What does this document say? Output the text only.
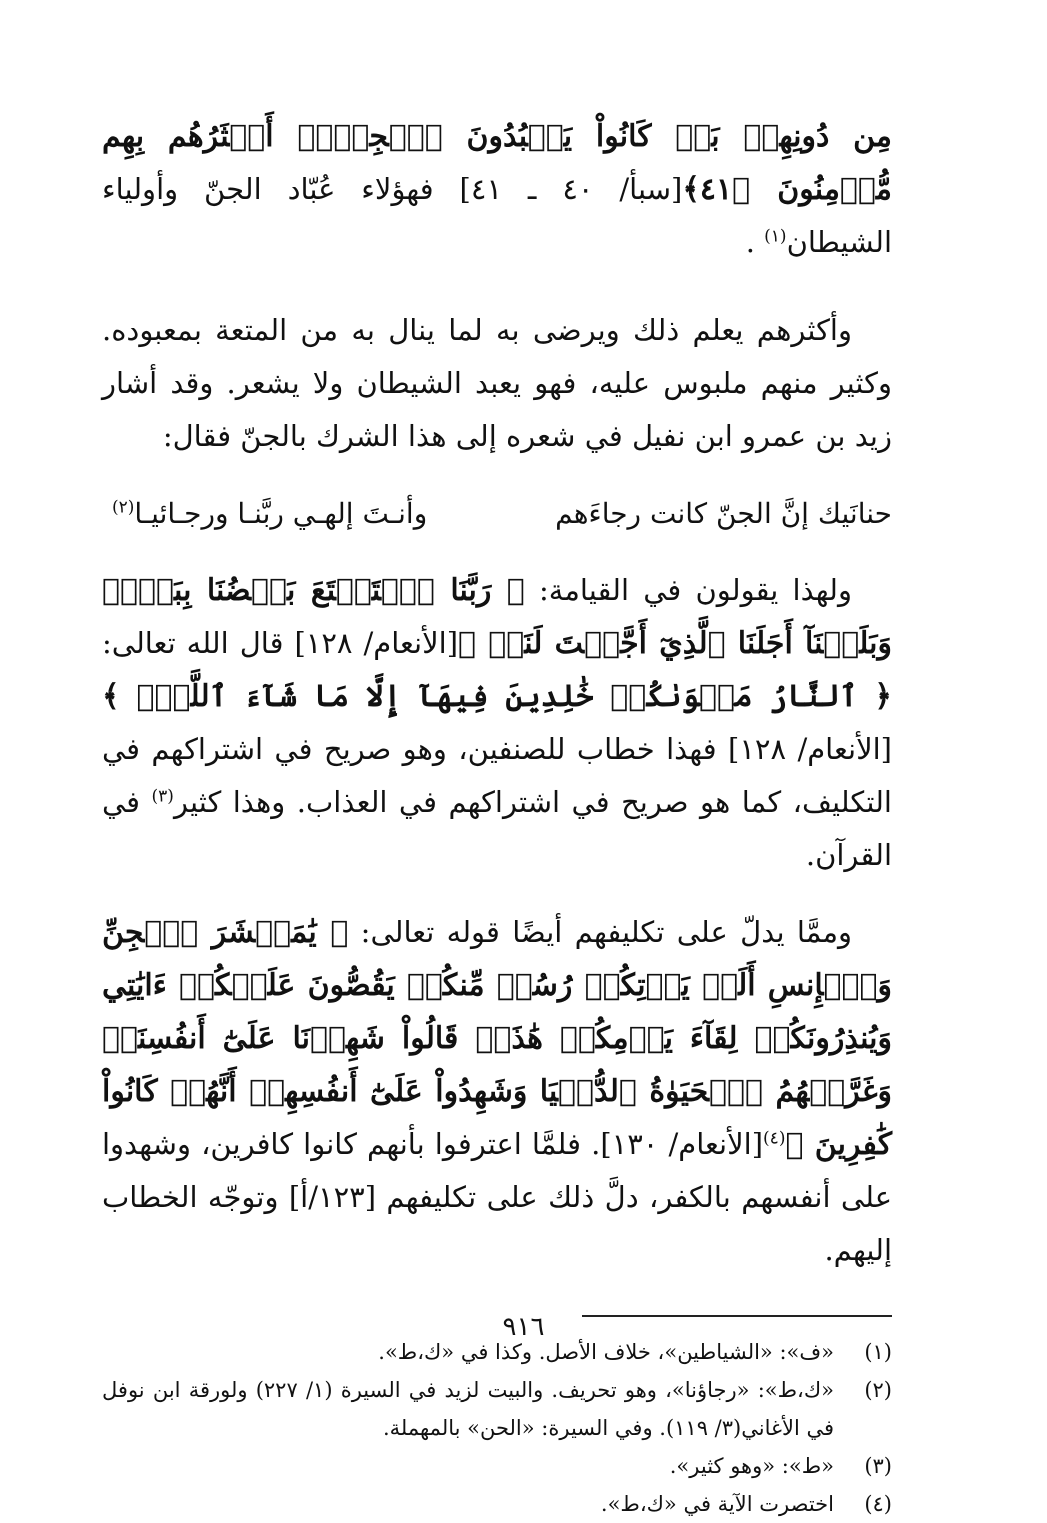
مِن دُونِهِمۖ بَلۡ كَانُواْ يَعۡبُدُونَ ٱلۡجِنَّۖ أَكۡثَرُهُم بِهِم مُّؤۡمِنُونَ ﴿٤١﴾[سبأ/ ٤٠ ـ ٤١] فهؤلاء عُبّاد الجنّ وأولياء الشيطان$^{(١)}$ .

وأكثرهم يعلم ذلك ويرضى به لما ينال به من المتعة بمعبوده. وكثير منهم ملبوس عليه، فهو يعبد الشيطان ولا يشعر. وقد أشار زيد بن عمرو ابن نفيل في شعره إلى هذا الشرك بالجنّ فقال:

حنانَيك إنَّ الجنّ كانت رجاءَهم
وأنـتَ إلهـي ربَّنـا ورجـائيـا$^{(٢)}$

ولهذا يقولون في القيامة: ﴿ رَبَّنَا ٱسۡتَمۡتَعَ بَعۡضُنَا بِبَعۡضٖ وَبَلَغۡنَآ أَجَلَنَا ٱلَّذِيٓ أَجَّلۡتَ لَنَاۚ ﴾[الأنعام/ ١٢٨] قال الله تعالى: ﴿ ٱلنَّارُ مَثۡوَىٰكُمۡ خَٰلِدِينَ فِيهَآ إِلَّا مَا شَآءَ ٱللَّهُۚ ﴾[الأنعام/ ١٢٨] فهذا خطاب للصنفين، وهو صريح في اشتراكهم في التكليف، كما هو صريح في اشتراكهم في العذاب. وهذا كثير$^{(٣)}$ في القرآن.

وممَّا يدلّ على تكليفهم أيضًا قوله تعالى: ﴿ يَٰمَعۡشَرَ ٱلۡجِنِّ وَٱلۡإِنسِ أَلَمۡ يَأۡتِكُمۡ رُسُلٞ مِّنكُمۡ يَقُصُّونَ عَلَيۡكُمۡ ءَايَٰتِي وَيُنذِرُونَكُمۡ لِقَآءَ يَوۡمِكُمۡ هَٰذَاۚ قَالُواْ شَهِدۡنَا عَلَىٰٓ أَنفُسِنَاۖ وَغَرَّتۡهُمُ ٱلۡحَيَوٰةُ ٱلدُّنۡيَا وَشَهِدُواْ عَلَىٰٓ أَنفُسِهِمۡ أَنَّهُمۡ كَانُواْ كَٰفِرِينَ ﴾$^{(٤)}$[الأنعام/ ١٣٠]. فلمَّا اعترفوا بأنهم كانوا كافرين، وشهدوا على أنفسهم بالكفر، دلَّ ذلك على تكليفهم [١٢٣/أ] وتوجّه الخطاب إليهم.

(١)
«ف»: «الشياطين»، خلاف الأصل. وكذا في «ك،ط».

(٢)
«ك،ط»: «رجاؤنا»، وهو تحريف. والبيت لزيد في السيرة (١/ ٢٢٧) ولورقة ابن نوفل في الأغاني(٣/ ١١٩). وفي السيرة: «الحن» بالمهملة.

(٣)
«ط»: «وهو كثير».

(٤)
اختصرت الآية في «ك،ط».

٩١٦
